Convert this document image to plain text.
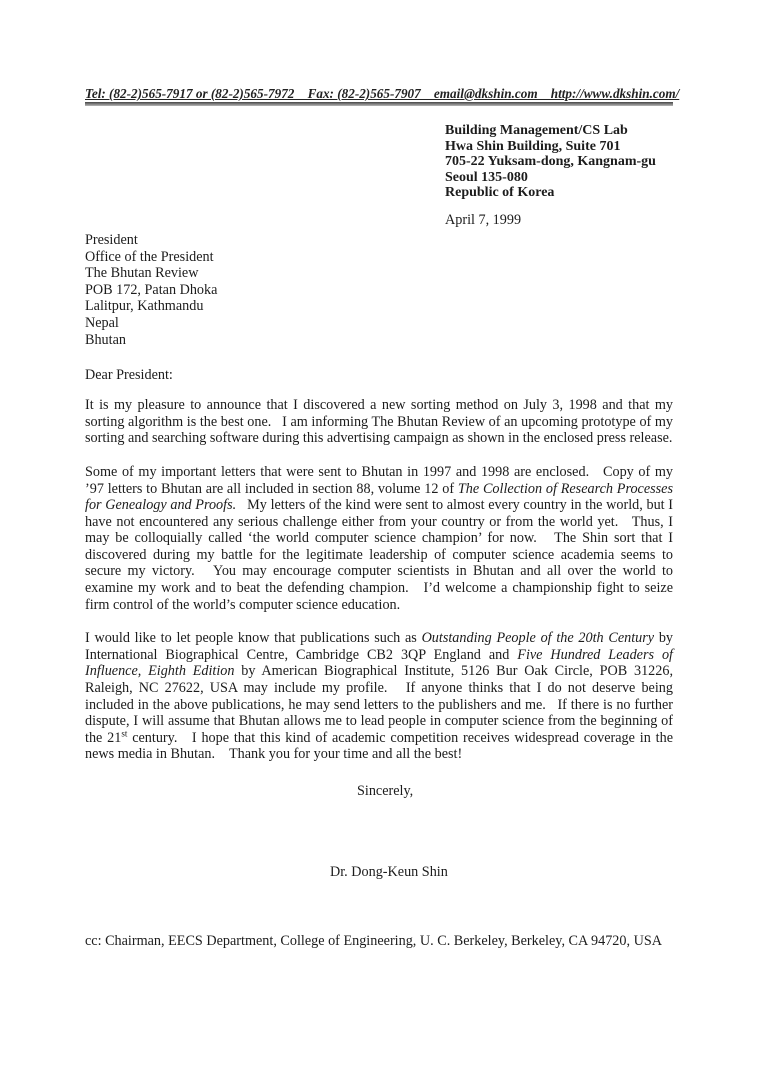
Tel: (82-2)565-7917 or (82-2)565-7972    Fax: (82-2)565-7907    email@dkshin.com    http://www.dkshin.com/
Building Management/CS Lab
Hwa Shin Building, Suite 701
705-22 Yuksam-dong, Kangnam-gu
Seoul 135-080
Republic of Korea
April 7, 1999
President
Office of the President
The Bhutan Review
POB 172, Patan Dhoka
Lalitpur, Kathmandu
Nepal
Bhutan
Dear President:

It is my pleasure to announce that I discovered a new sorting method on July 3, 1998 and that my sorting algorithm is the best one.   I am informing The Bhutan Review of an upcoming prototype of my sorting and searching software during this advertising campaign as shown in the enclosed press release.

Some of my important letters that were sent to Bhutan in 1997 and 1998 are enclosed.   Copy of my ’97 letters to Bhutan are all included in section 88, volume 12 of The Collection of Research Processes for Genealogy and Proofs.   My letters of the kind were sent to almost every country in the world, but I have not encountered any serious challenge either from your country or from the world yet.   Thus, I may be colloquially called ‘the world computer science champion’ for now.   The Shin sort that I discovered during my battle for the legitimate leadership of computer science academia seems to secure my victory.   You may encourage computer scientists in Bhutan and all over the world to examine my work and to beat the defending champion.   I’d welcome a championship fight to seize firm control of the world’s computer science education.

I would like to let people know that publications such as Outstanding People of the 20th Century by International Biographical Centre, Cambridge CB2 3QP England and Five Hundred Leaders of Influence, Eighth Edition by American Biographical Institute, 5126 Bur Oak Circle, POB 31226, Raleigh, NC 27622, USA may include my profile.   If anyone thinks that I do not deserve being included in the above publications, he may send letters to the publishers and me.   If there is no further dispute, I will assume that Bhutan allows me to lead people in computer science from the beginning of the 21st century.   I hope that this kind of academic competition receives widespread coverage in the news media in Bhutan.    Thank you for your time and all the best!

Sincerely,
Dr. Dong-Keun Shin
cc: Chairman, EECS Department, College of Engineering, U. C. Berkeley, Berkeley, CA 94720, USA
